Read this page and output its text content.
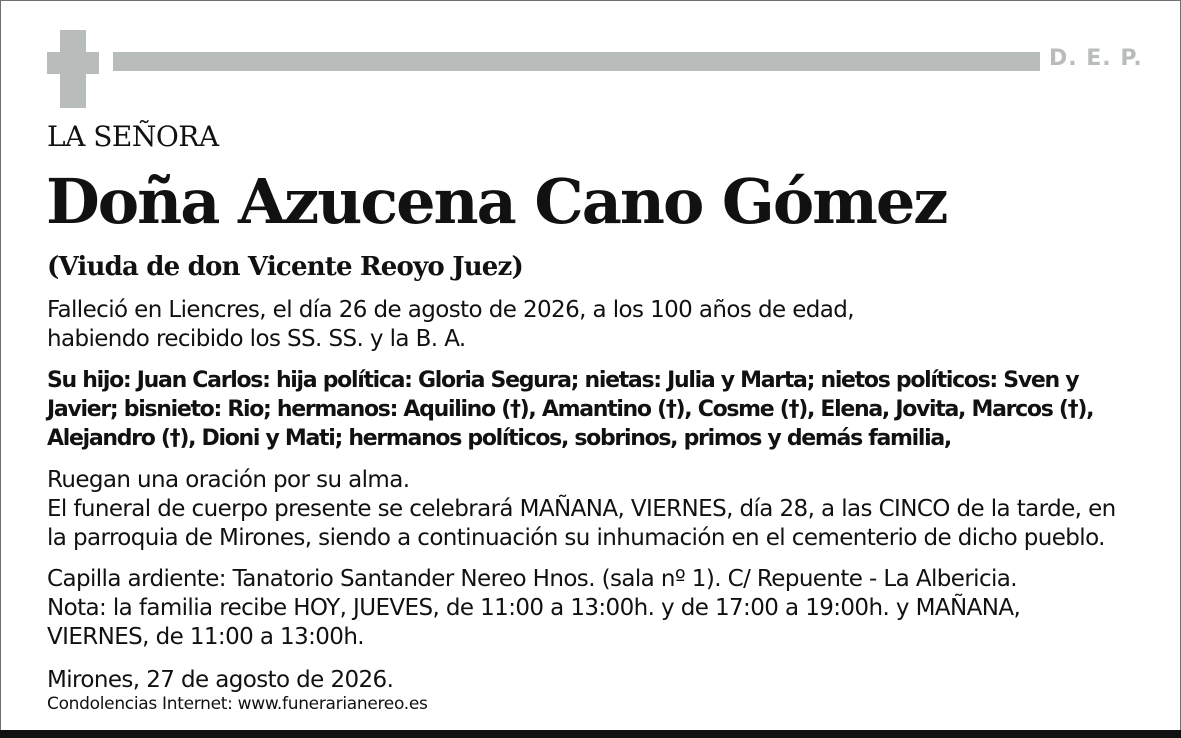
D. E. P.
LA SEÑORA
Doña Azucena Cano Gómez
(Viuda de don Vicente Reoyo Juez)
Falleció en Liencres, el día 26 de agosto de 2026, a los 100 años de edad,
habiendo recibido los SS. SS. y la B. A.
Su hijo: Juan Carlos: hija política: Gloria Segura; nietas: Julia y Marta; nietos políticos: Sven y
Javier; bisnieto: Rio; hermanos: Aquilino (†), Amantino (†), Cosme (†), Elena, Jovita, Marcos (†),
Alejandro (†), Dioni y Mati; hermanos políticos, sobrinos, primos y demás familia,
Ruegan una oración por su alma.
El funeral de cuerpo presente se celebrará MAÑANA, VIERNES, día 28, a las CINCO de la tarde, en
la parroquia de Mirones, siendo a continuación su inhumación en el cementerio de dicho pueblo.
Capilla ardiente: Tanatorio Santander Nereo Hnos. (sala nº 1). C/ Repuente - La Albericia.
Nota: la familia recibe HOY, JUEVES, de 11:00 a 13:00h. y de 17:00 a 19:00h. y MAÑANA,
VIERNES, de 11:00 a 13:00h.
Mirones, 27 de agosto de 2026.
Condolencias Internet: www.funerarianereo.es
